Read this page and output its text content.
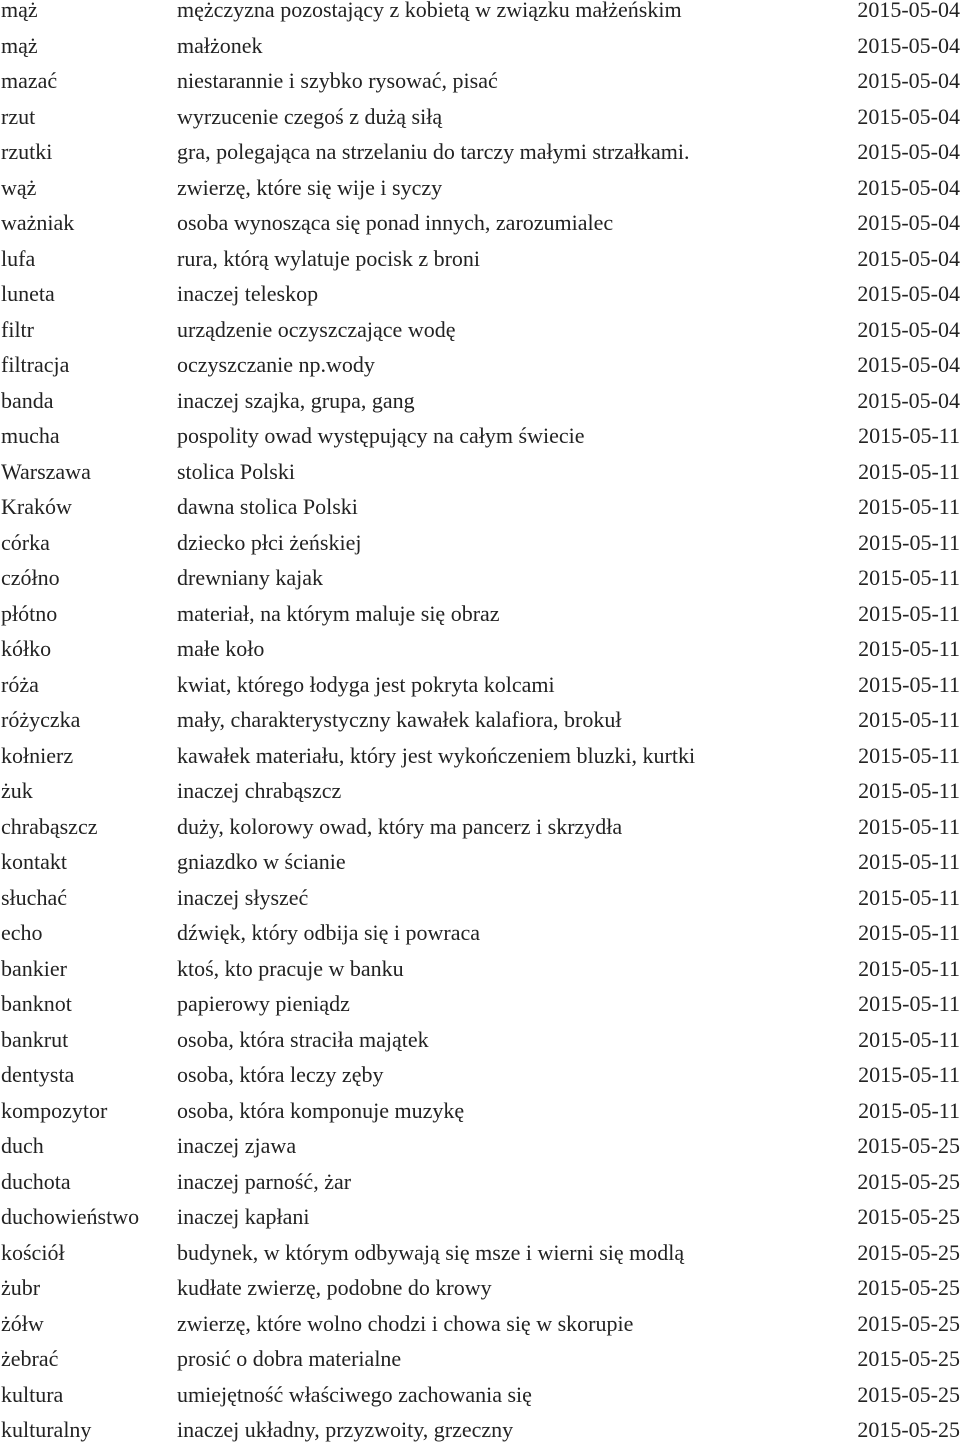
mąż	mężczyzna pozostający z kobietą w związku małżeńskim	2015-05-04
mąż	małżonek	2015-05-04
mazać	niestarannie i szybko rysować, pisać	2015-05-04
rzut	wyrzucenie czegoś z dużą siłą	2015-05-04
rzutki	gra, polegająca na strzelaniu do tarczy małymi strzałkami.	2015-05-04
wąż	zwierzę, które się wije i syczy	2015-05-04
ważniak	osoba wynosząca się ponad innych, zarozumialec	2015-05-04
lufa	rura, którą wylatuje pocisk z broni	2015-05-04
luneta	inaczej teleskop	2015-05-04
filtr	urządzenie oczyszczające wodę	2015-05-04
filtracja	oczyszczanie np.wody	2015-05-04
banda	inaczej szajka, grupa, gang	2015-05-04
mucha	pospolity owad występujący na całym świecie	2015-05-11
Warszawa	stolica Polski	2015-05-11
Kraków	dawna stolica Polski	2015-05-11
córka	dziecko płci żeńskiej	2015-05-11
czółno	drewniany kajak	2015-05-11
płótno	materiał, na którym maluje się obraz	2015-05-11
kółko	małe koło	2015-05-11
róża	kwiat, którego łodyga jest pokryta kolcami	2015-05-11
różyczka	mały, charakterystyczny kawałek kalafiora, brokuł	2015-05-11
kołnierz	kawałek materiału, który jest wykończeniem bluzki, kurtki	2015-05-11
żuk	inaczej chrabąszcz	2015-05-11
chrabąszcz	duży, kolorowy owad, który ma pancerz i skrzydła	2015-05-11
kontakt	gniazdko w ścianie	2015-05-11
słuchać	inaczej słyszeć	2015-05-11
echo	dźwięk, który odbija się i powraca	2015-05-11
bankier	ktoś, kto pracuje w banku	2015-05-11
banknot	papierowy pieniądz	2015-05-11
bankrut	osoba, która straciła majątek	2015-05-11
dentysta	osoba, która leczy zęby	2015-05-11
kompozytor	osoba, która komponuje muzykę	2015-05-11
duch	inaczej zjawa	2015-05-25
duchota	inaczej parność, żar	2015-05-25
duchowieństwo inaczej kapłani	2015-05-25
kościół	budynek, w którym odbywają się msze i wierni się modlą	2015-05-25
żubr	kudłate zwierzę, podobne do krowy	2015-05-25
żółw	zwierzę, które wolno chodzi i chowa się w skorupie	2015-05-25
żebrać	prosić o dobra materialne	2015-05-25
kultura	umiejętność właściwego zachowania się	2015-05-25
kulturalny	inaczej układny, przyzwoity, grzeczny	2015-05-25
